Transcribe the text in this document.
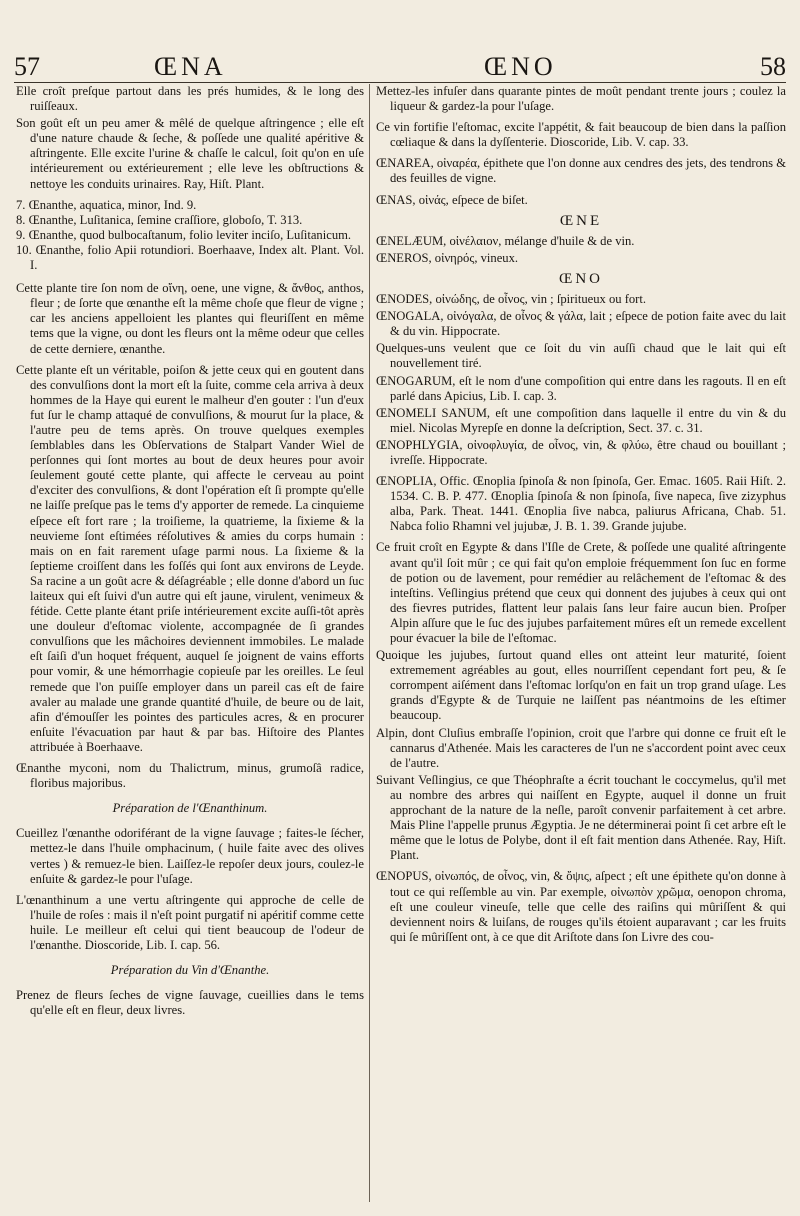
57	ŒNA	ŒNO	58

Elle croît preſque partout dans les prés humides, & le long des ruiſſeaux.

Son goût eſt un peu amer & mêlé de quelque aſtringence ; elle eſt d'une nature chaude & ſeche, & poſſede une qualité apéritive & aſtringente. Elle excite l'urine & chaſſe le calcul, ſoit qu'on en uſe intérieurement ou extérieurement ; elle leve les obſtructions & nettoye les conduits urinaires. Ray, Hiſt. Plant.

7. Œnanthe, aquatica, minor, Ind. 9.

8. Œnanthe, Luſitanica, ſemine craſſiore, globoſo, T. 313.

9. Œnanthe, quod bulbocaſtanum, folio leviter inciſo, Luſitanicum.

10. Œnanthe, folio Apii rotundiori. Boerhaave, Index alt. Plant. Vol. I.

Cette plante tire ſon nom de οἴνη, oene, une vigne, & ἄνθος, anthos, fleur ; de ſorte que œnanthe eſt la même choſe que fleur de vigne ; car les anciens appelloient les plantes qui fleuriſſent en même tems que la vigne, ou dont les fleurs ont la même odeur que celles de cette derniere, œnanthe.

Cette plante eſt un véritable, poiſon & jette ceux qui en goutent dans des convulſions dont la mort eſt la ſuite, comme cela arriva à deux hommes de la Haye qui eurent le malheur d'en gouter : l'un d'eux fut ſur le champ attaqué de convulſions, & mourut ſur la place, & l'autre peu de tems après. On trouve quelques exemples ſemblables dans les Obſervations de Stalpart Vander Wiel de perſonnes qui ſont mortes au bout de deux heures pour avoir ſeulement gouté cette plante, qui affecte le cerveau au point d'exciter des convulſions, & dont l'opération eſt ſi prompte qu'elle ne laiſſe preſque pas le tems d'y apporter de remede. La cinquieme eſpece eſt fort rare ; la troiſieme, la quatrieme, la ſixieme & la neuvieme ſont eſtimées réſolutives & amies du corps humain : mais on en fait rarement uſage parmi nous. La ſixieme & la ſeptieme croiſſent dans les foſſés qui ſont aux environs de Leyde. Sa racine a un goût acre & déſagréable ; elle donne d'abord un ſuc laiteux qui eſt ſuivi d'un autre qui eſt jaune, virulent, venimeux & fétide. Cette plante étant priſe intérieurement excite auſſi-tôt après une douleur d'eſtomac violente, accompagnée de ſi grandes convulſions que les mâchoires deviennent immobiles. Le malade eſt ſaiſi d'un hoquet fréquent, auquel ſe joignent de vains efforts pour vomir, & une hémorrhagie copieuſe par les oreilles. Le ſeul remede que l'on puiſſe employer dans un pareil cas eſt de faire avaler au malade une grande quantité d'huile, de beure ou de lait, afin d'émouſſer les pointes des particules acres, & en procurer enſuite l'évacuation par haut & par bas. Hiſtoire des Plantes attribuée à Boerhaave.

Œnanthe myconi, nom du Thalictrum, minus, grumoſâ radice, floribus majoribus.

Préparation de l'Œnanthinum.

Cueillez l'œnanthe odoriférant de la vigne ſauvage ; faites-le ſécher, mettez-le dans l'huile omphacinum, ( huile faite avec des olives vertes ) & remuez-le bien. Laiſſez-le repoſer deux jours, coulez-le enſuite & gardez-le pour l'uſage.

L'œnanthinum a une vertu aſtringente qui approche de celle de l'huile de roſes : mais il n'eſt point purgatif ni apéritif comme cette huile. Le meilleur eſt celui qui tient beaucoup de l'odeur de l'œnanthe. Dioscoride, Lib. I. cap. 56.

Préparation du Vin d'Œnanthe.

Prenez de fleurs ſeches de vigne ſauvage, cueillies dans le tems qu'elle eſt en fleur, deux livres.

Mettez-les infuſer dans quarante pintes de moût pendant trente jours ; coulez la liqueur & gardez-la pour l'uſage.

Ce vin fortifie l'eſtomac, excite l'appétit, & fait beaucoup de bien dans la paſſion cœliaque & dans la dyſſenterie. Dioscoride, Lib. V. cap. 33.

ŒNAREA, οἰναρέα, épithete que l'on donne aux cendres des jets, des tendrons & des feuilles de vigne.

ŒNAS, οἰνάς, eſpece de biſet.

ŒNE

ŒNELÆUM, οἰνέλαιον, mélange d'huile & de vin.

ŒNEROS, οἰνηρός, vineux.

ŒNO

ŒNODES, οἰνώδης, de οἶνος, vin ; ſpiritueux ou fort.

ŒNOGALA, οἰνόγαλα, de οἶνος & γάλα, lait ; eſpece de potion faite avec du lait & du vin. Hippocrate.

Quelques-uns veulent que ce ſoit du vin auſſi chaud que le lait qui eſt nouvellement tiré.

ŒNOGARUM, eſt le nom d'une compoſition qui entre dans les ragouts. Il en eſt parlé dans Apicius, Lib. I. cap. 3.

ŒNOMELI SANUM, eſt une compoſition dans laquelle il entre du vin & du miel. Nicolas Myrepſe en donne la deſcription, Sect. 37. c. 31.

ŒNOPHLYGIA, οἰνοφλυγία, de οἶνος, vin, & φλύω, être chaud ou bouillant ; ivreſſe. Hippocrate.

ŒNOPLIA, Offic. Œnoplia ſpinoſa & non ſpinoſa, Ger. Emac. 1605. Raii Hiſt. 2. 1534. C. B. P. 477. Œnoplia ſpinoſa & non ſpinoſa, ſive napeca, ſive zizyphus alba, Park. Theat. 1441. Œnoplia ſive nabca, paliurus Africana, Chab. 51. Nabca folio Rhamni vel jujubæ, J. B. 1. 39. Grande jujube.

Ce fruit croît en Egypte & dans l'Iſle de Crete, & poſſede une qualité aſtringente avant qu'il ſoit mûr ; ce qui fait qu'on emploie fréquemment ſon ſuc en forme de potion ou de lavement, pour remédier au relâchement de l'eſtomac & des inteſtins. Veſlingius prétend que ceux qui donnent des jujubes à ceux qui ont des fievres putrides, flattent leur palais ſans leur faire aucun bien. Proſper Alpin aſſure que le ſuc des jujubes parfaitement mûres eſt un remede excellent pour évacuer la bile de l'eſtomac.

Quoique les jujubes, ſurtout quand elles ont atteint leur maturité, ſoient extremement agréables au gout, elles nourriſſent cependant fort peu, & ſe corrompent aiſément dans l'eſtomac lorſqu'on en fait un trop grand uſage. Les grands d'Egypte & de Turquie ne laiſſent pas néantmoins de les eſtimer beaucoup.

Alpin, dont Cluſius embraſſe l'opinion, croit que l'arbre qui donne ce fruit eſt le cannarus d'Athenée. Mais les caracteres de l'un ne s'accordent point avec ceux de l'autre.

Suivant Veſlingius, ce que Théophraſte a écrit touchant le coccymelus, qu'il met au nombre des arbres qui naiſſent en Egypte, auquel il donne un fruit approchant de la nature de la neſle, paroît convenir parfaitement à cet arbre. Mais Pline l'appelle prunus Ægyptia. Je ne déterminerai point ſi cet arbre eſt le même que le lotus de Polybe, dont il eſt fait mention dans Athenée. Ray, Hiſt. Plant.

ŒNOPUS, οἰνωπός, de οἶνος, vin, & ὄψις, aſpect ; eſt une épithete qu'on donne à tout ce qui reſſemble au vin. Par exemple, οἰνωπὸν χρῶμα, oenopon chroma, eſt une couleur vineuſe, telle que celle des raiſins qui mûriſſent & qui deviennent noirs & luiſans, de rouges qu'ils étoient auparavant ; car les fruits qui ſe mûriſſent ont, à ce que dit Ariſtote dans ſon Livre des cou-
